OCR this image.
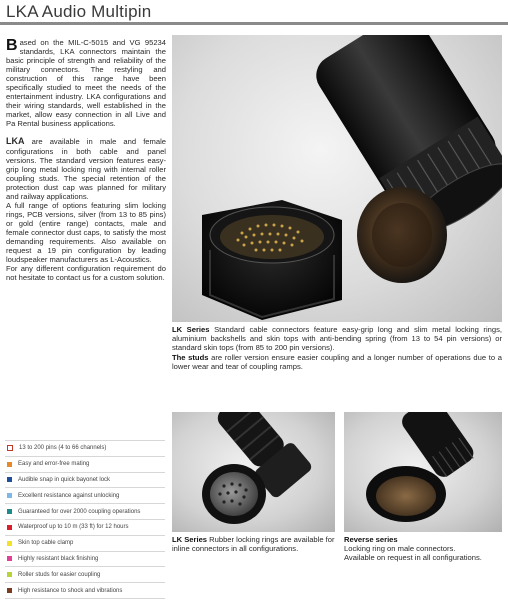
LKA Audio Multipin

Based on the MIL-C-5015 and VG 95234 standards, LKA connectors maintain the basic principle of strength and reliability of the military connectors. The restyling and construction of this range have been specifically studied to meet the needs of the entertainment industry. LKA configurations and their wiring standards, well established in the market, allow easy connection in all Live and Pa Rental business applications.

LKA are available in male and female configurations in both cable and panel versions. The standard version features easy-grip long metal locking ring with internal roller coupling studs. The special retention of the protection dust cap was planned for military and railway applications.

A full range of options featuring slim locking rings, PCB versions, silver (from 13 to 85 pins) or gold (entire range) contacts, male and female connector dust caps, to satisfy the most demanding requirements. Also available on request a 19 pin configuration by leading loudspeaker manufacturers as L-Acoustics.

For any different configuration requirement do not hesitate to contact us for a custom solution.

LK Series Standard cable connectors feature easy-grip long and slim metal locking rings, aluminium backshells and skin tops with anti-bending spring (from 13 to 54 pin versions) or standard skin tops (from 85 to 200 pin versions).
The studs are roller version ensure easier coupling and a longer number of operations due to a lower wear and tear of coupling ramps.
13 to 200 pins (4 to 66 channels)
Easy and error-free mating
Audible snap in quick bayonet lock
Excellent resistance against unlocking
Guaranteed for over 2000 coupling operations
Waterproof up to 10 m (33 ft) for 12 hours
Skin top cable clamp
Highly resistant black finishing
Roller studs for easier coupling
High resistance to shock and vibrations
LK Series Rubber locking rings are available for inline connectors in all configurations.
Reverse series
Locking ring on male connectors.
Available on request in all configurations.
